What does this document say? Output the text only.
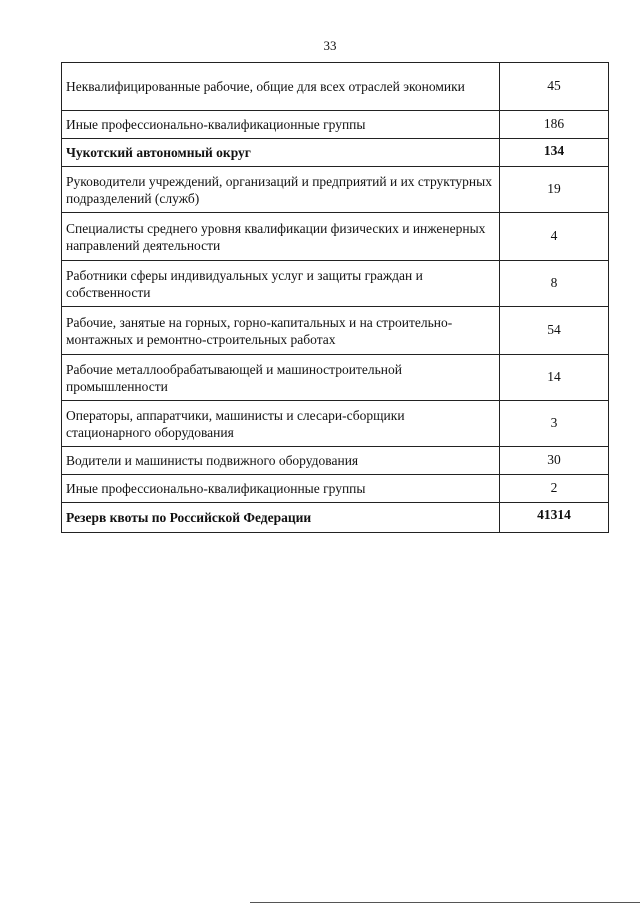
33
Неквалифицированные рабочие, общие для всех отраслей экономики	45
Иные профессионально-квалификационные группы	186
Чукотский автономный округ	134
Руководители учреждений, организаций и предприятий и их структурных подразделений (служб)	19
Специалисты среднего уровня квалификации физических и инженерных направлений деятельности	4
Работники сферы индивидуальных услуг и защиты граждан и собственности	8
Рабочие, занятые на горных, горно-капитальных и на строительно-монтажных и ремонтно-строительных работах	54
Рабочие металлообрабатывающей и машиностроительной промышленности	14
Операторы, аппаратчики, машинисты и слесари-сборщики стационарного оборудования	3
Водители и машинисты подвижного оборудования	30
Иные профессионально-квалификационные группы	2
Резерв квоты по Российской Федерации	41314
